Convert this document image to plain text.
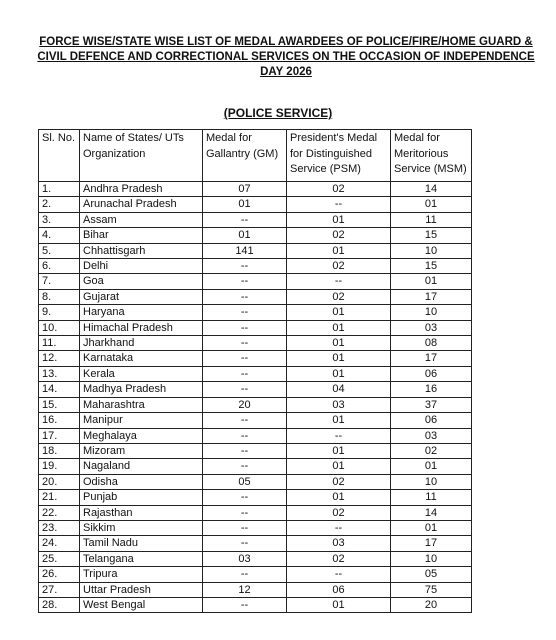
FORCE WISE/STATE WISE LIST OF MEDAL AWARDEES OF POLICE/FIRE/HOME GUARD & CIVIL DEFENCE AND CORRECTIONAL SERVICES ON THE OCCASION OF INDEPENDENCE DAY 2026
(POLICE SERVICE)
Sl. No.	Name of States/ UTs Organization	Medal for Gallantry (GM)	President's Medal for Distinguished Service (PSM)	Medal for Meritorious Service (MSM)
1.	Andhra Pradesh	07	02	14
2.	Arunachal Pradesh	01	--	01
3.	Assam	--	01	11
4.	Bihar	01	02	15
5.	Chhattisgarh	141	01	10
6.	Delhi	--	02	15
7.	Goa	--	--	01
8.	Gujarat	--	02	17
9.	Haryana	--	01	10
10.	Himachal Pradesh	--	01	03
11.	Jharkhand	--	01	08
12.	Karnataka	--	01	17
13.	Kerala	--	01	06
14.	Madhya Pradesh	--	04	16
15.	Maharashtra	20	03	37
16.	Manipur	--	01	06
17.	Meghalaya	--	--	03
18.	Mizoram	--	01	02
19.	Nagaland	--	01	01
20.	Odisha	05	02	10
21.	Punjab	--	01	11
22.	Rajasthan	--	02	14
23.	Sikkim	--	--	01
24.	Tamil Nadu	--	03	17
25.	Telangana	03	02	10
26.	Tripura	--	--	05
27.	Uttar Pradesh	12	06	75
28.	West Bengal	--	01	20
